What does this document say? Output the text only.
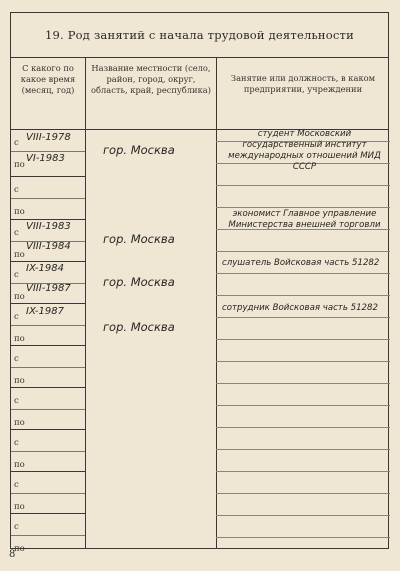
19. Род занятий с начала трудовой деятельности
С какого по какое время (месяц, год)
Название местности (село, район, город, округ, область, край, республика)
Занятие или должность, в каком предприятии, учреждении
с
по
с
по
с
по
с
по
с
по
с
по
с
по
с
по
с
по
с
по
VIII-1978
VI-1983
гор. Москва
студент Московский государственный институт международных отношений МИД СССР
VIII-1983
VIII-1984
гор. Москва
экономист Главное управление Министерства внешней торговли
IX-1984
VIII-1987	гор. Москва
слушатель Войсковая часть 51282
IX-1987
гор. Москва
сотрудник Войсковая часть 51282
8
